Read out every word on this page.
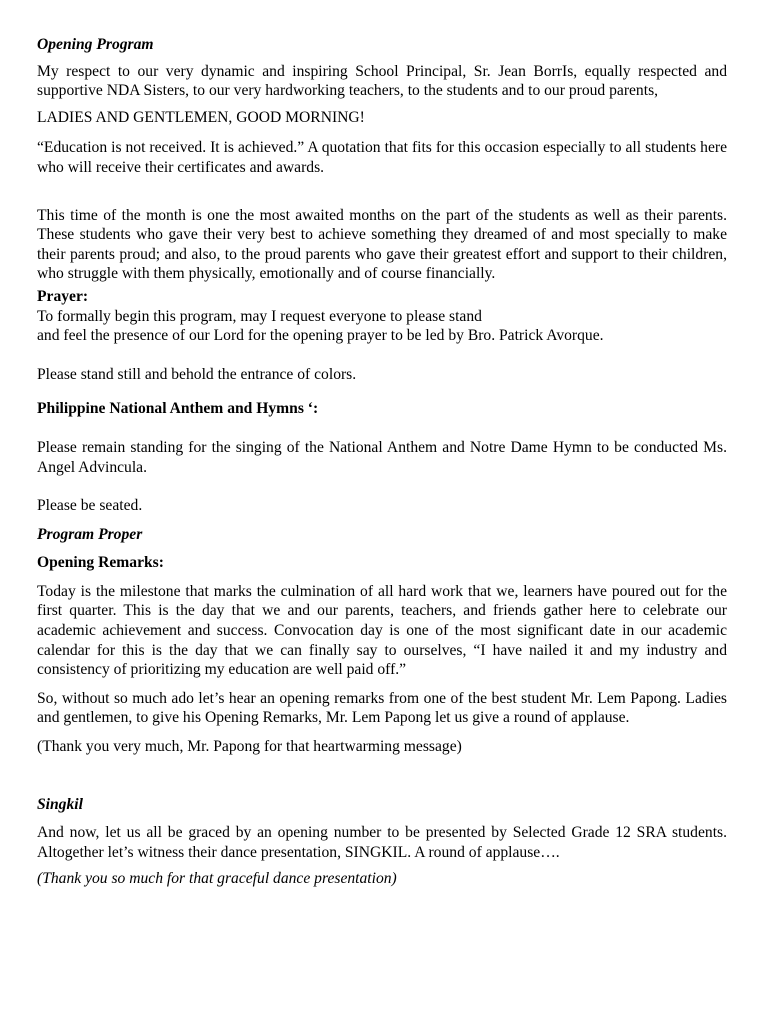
Opening Program

My respect to our very dynamic and inspiring School Principal, Sr. Jean BorrIs, equally respected and supportive NDA Sisters, to our very hardworking teachers, to the students and to our proud parents,

LADIES AND GENTLEMEN, GOOD MORNING!

“Education is not received. It is achieved.” A quotation that fits for this occasion especially to all students here who will receive their certificates and awards.

This time of the month is one the most awaited months on the part of the students as well as their parents. These students who gave their very best to achieve something they dreamed of and most specially to make their parents proud; and also, to the proud parents who gave their greatest effort and support to their children, who struggle with them physically, emotionally and of course financially.

Prayer:

To formally begin this program, may I request everyone to please stand

and feel the presence of our Lord for the opening prayer to be led by Bro. Patrick Avorque.

Please stand still and behold the entrance of colors.

Philippine National Anthem and Hymns ‘:

Please remain standing for the singing of the National Anthem and Notre Dame Hymn to be conducted Ms. Angel Advincula.

Please be seated.

Program Proper

Opening Remarks:

Today is the milestone that marks the culmination of all hard work that we, learners have poured out for the first quarter. This is the day that we and our parents, teachers, and friends gather here to celebrate our academic achievement and success. Convocation day is one of the most significant date in our academic calendar for this is the day that we can finally say to ourselves, “I have nailed it and my industry and consistency of prioritizing my education are well paid off.”

So, without so much ado let’s hear an opening remarks from one of the best student Mr. Lem Papong. Ladies and gentlemen, to give his Opening Remarks, Mr. Lem Papong let us give a round of applause.

(Thank you very much, Mr. Papong for that heartwarming message)

Singkil

And now, let us all be graced by an opening number to be presented by Selected Grade 12 SRA students. Altogether let’s witness their dance presentation, SINGKIL. A round of applause….

(Thank you so much for that graceful dance presentation)
